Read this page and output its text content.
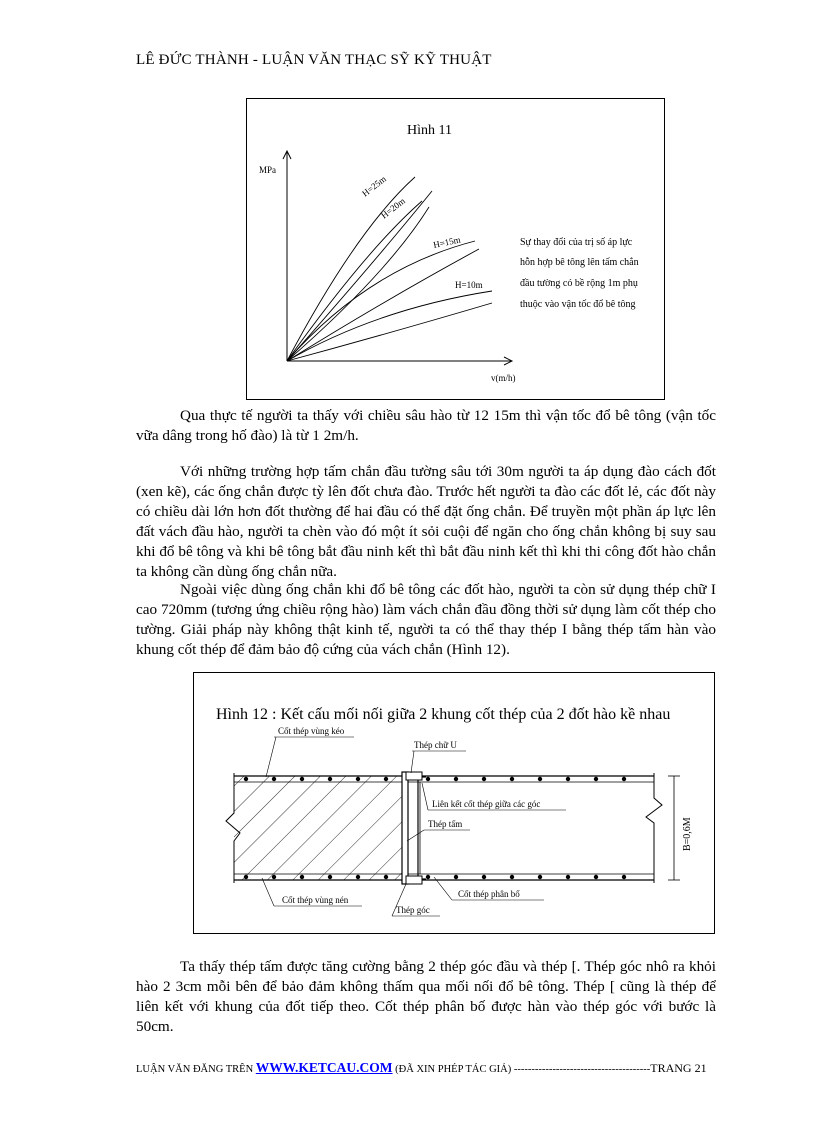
LÊ ĐỨC THÀNH - LUẬN VĂN THẠC SỸ KỸ THUẬT
Hình 11
MPa
v(m/h)
H=25m
H=20m
H=15m
H=10m
Sự thay đổi của trị số áp lực
hỗn hợp bê tông lên tấm chắn
đầu tường có bề rộng 1m phụ
thuộc vào vận tốc đổ bê tông

Qua thực tế người ta thấy với chiều sâu hào từ 12 15m thì vận tốc đổ bê tông (vận tốc vữa dâng trong hố đào) là từ 1 2m/h.

Với những trường hợp tấm chắn đầu tường sâu tới 30m người ta áp dụng đào cách đốt (xen kẽ), các ống chắn được tỳ lên đốt chưa đào. Trước hết người ta đào các đốt lẻ, các đốt này có chiều dài lớn hơn đốt thường để hai đầu có thể đặt ống chắn. Để truyền một phần áp lực lên đất vách đầu hào, người ta chèn vào đó một ít sỏi cuội để ngăn cho ống chắn không bị suy sau khi đổ bê tông và khi bê tông bắt đầu ninh kết thì bắt đầu ninh kết thì khi thi công đốt hào chắn ta không cần dùng ống chắn nữa.

Ngoài việc dùng ống chắn khi đổ bê tông các đốt hào, người ta còn sử dụng thép chữ I cao 720mm (tương ứng chiều rộng hào) làm vách chắn đầu đồng thời sử dụng làm cốt thép cho tường. Giải pháp này không thật kinh tế, người ta có thể thay thép I bằng thép tấm hàn vào khung cốt thép để đảm bảo độ cứng của vách chắn (Hình 12).

Hình 12 : Kết cấu mối nối giữa 2 khung cốt thép của 2 đốt hào kề nhau
B=0,6M
Cốt thép vùng kéo
Thép chữ U
Liên kết cốt thép giữa các góc
Thép tấm
Cốt thép phân bố
Cốt thép vùng nén
Thép góc

Ta thấy thép tấm được tăng cường bằng 2 thép góc đầu và thép [. Thép góc nhô ra khỏi hào 2 3cm mỗi bên để bảo đảm không thấm qua mối nối đổ bê tông. Thép [ cũng là thép để liên kết với khung của đốt tiếp theo. Cốt thép phân bố được hàn vào thép góc với bước là 50cm.

LUẬN VĂN ĐĂNG TRÊN WWW.KETCAU.COM (ĐÃ XIN PHÉP TÁC GIẢ) ---------------------------------------TRANG 21
